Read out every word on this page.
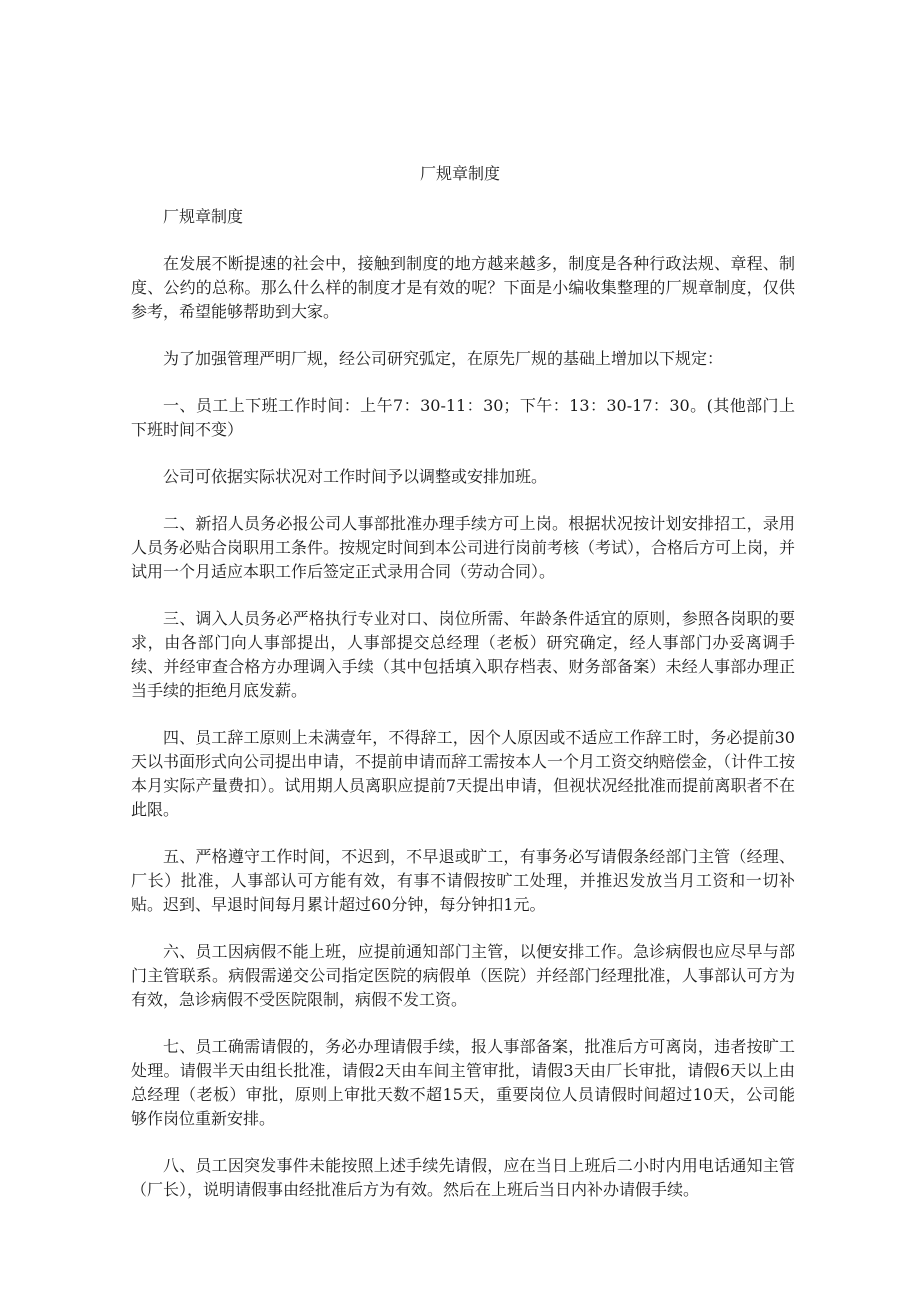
厂规章制度

厂规章制度

在发展不断提速的社会中，接触到制度的地方越来越多，制度是各种行政法规、章程、制度、公约的总称。那么什么样的制度才是有效的呢？下面是小编收集整理的厂规章制度，仅供参考，希望能够帮助到大家。

为了加强管理严明厂规，经公司研究弧定，在原先厂规的基础上增加以下规定：

一、员工上下班工作时间：上午7：30-11：30；下午：13：30-17：30。(其他部门上下班时间不变）

公司可依据实际状况对工作时间予以调整或安排加班。

二、新招人员务必报公司人事部批准办理手续方可上岗。根据状况按计划安排招工，录用人员务必贴合岗职用工条件。按规定时间到本公司进行岗前考核（考试），合格后方可上岗，并试用一个月适应本职工作后签定正式录用合同（劳动合同）。

三、调入人员务必严格执行专业对口、岗位所需、年龄条件适宜的原则，参照各岗职的要求，由各部门向人事部提出，人事部提交总经理（老板）研究确定，经人事部门办妥离调手续、并经审查合格方办理调入手续（其中包括填入职存档表、财务部备案）未经人事部办理正当手续的拒绝月底发薪。

四、员工辞工原则上未满壹年，不得辞工，因个人原因或不适应工作辞工时，务必提前30天以书面形式向公司提出申请，不提前申请而辞工需按本人一个月工资交纳赔偿金，（计件工按本月实际产量费扣）。试用期人员离职应提前7天提出申请，但视状况经批准而提前离职者不在此限。

五、严格遵守工作时间，不迟到，不早退或旷工，有事务必写请假条经部门主管（经理、厂长）批准，人事部认可方能有效，有事不请假按旷工处理，并推迟发放当月工资和一切补贴。迟到、早退时间每月累计超过60分钟，每分钟扣1元。

六、员工因病假不能上班，应提前通知部门主管，以便安排工作。急诊病假也应尽早与部门主管联系。病假需递交公司指定医院的病假单（医院）并经部门经理批准，人事部认可方为有效，急诊病假不受医院限制，病假不发工资。

七、员工确需请假的，务必办理请假手续，报人事部备案，批准后方可离岗，违者按旷工处理。请假半天由组长批准，请假2天由车间主管审批，请假3天由厂长审批，请假6天以上由总经理（老板）审批，原则上审批天数不超15天，重要岗位人员请假时间超过10天，公司能够作岗位重新安排。

八、员工因突发事件未能按照上述手续先请假，应在当日上班后二小时内用电话通知主管（厂长），说明请假事由经批准后方为有效。然后在上班后当日内补办请假手续。
